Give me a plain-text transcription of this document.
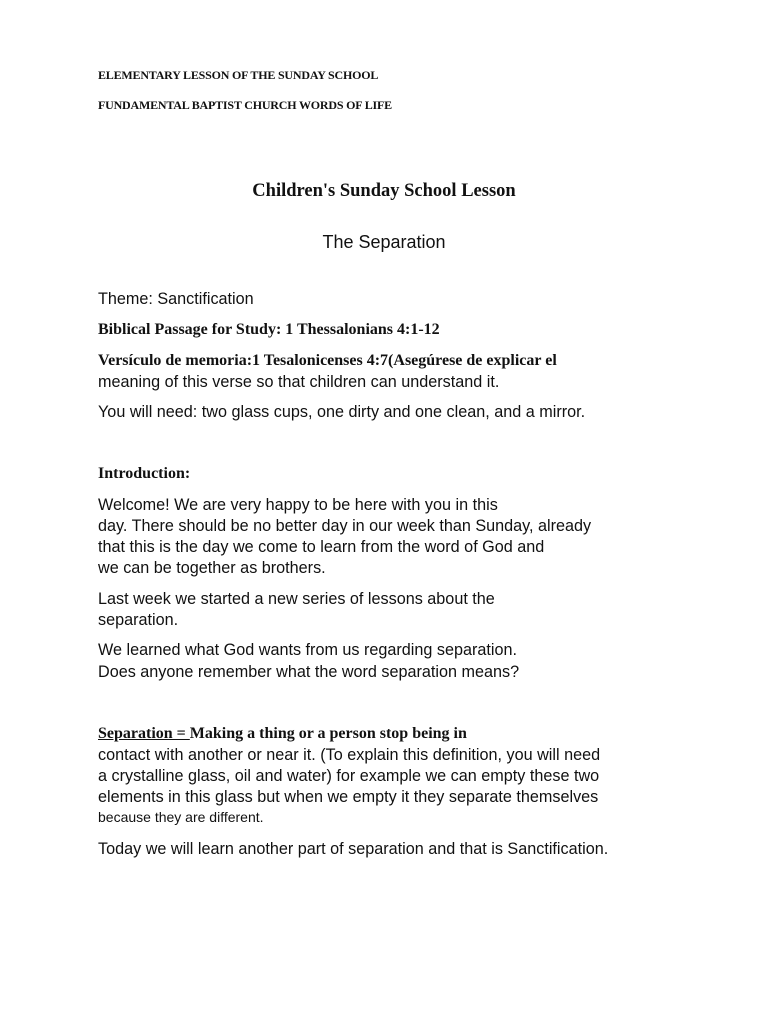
ELEMENTARY LESSON OF THE SUNDAY SCHOOL
FUNDAMENTAL BAPTIST CHURCH WORDS OF LIFE
Children's Sunday School Lesson
The Separation
Theme: Sanctification
Biblical Passage for Study: 1 Thessalonians 4:1-12
Versículo de memoria:1 Tesalonicenses 4:7(Asegúrese de explicar el
meaning of this verse so that children can understand it.
You will need: two glass cups, one dirty and one clean, and a mirror.
Introduction:
Welcome! We are very happy to be here with you in this
day. There should be no better day in our week than Sunday, already
that this is the day we come to learn from the word of God and
we can be together as brothers.
Last week we started a new series of lessons about the
separation.
We learned what God wants from us regarding separation.
Does anyone remember what the word separation means?
Separation = Making a thing or a person stop being in
contact with another or near it. (To explain this definition, you will need
a crystalline glass, oil and water) for example we can empty these two
elements in this glass but when we empty it they separate themselves
because they are different.
Today we will learn another part of separation and that is Sanctification.
